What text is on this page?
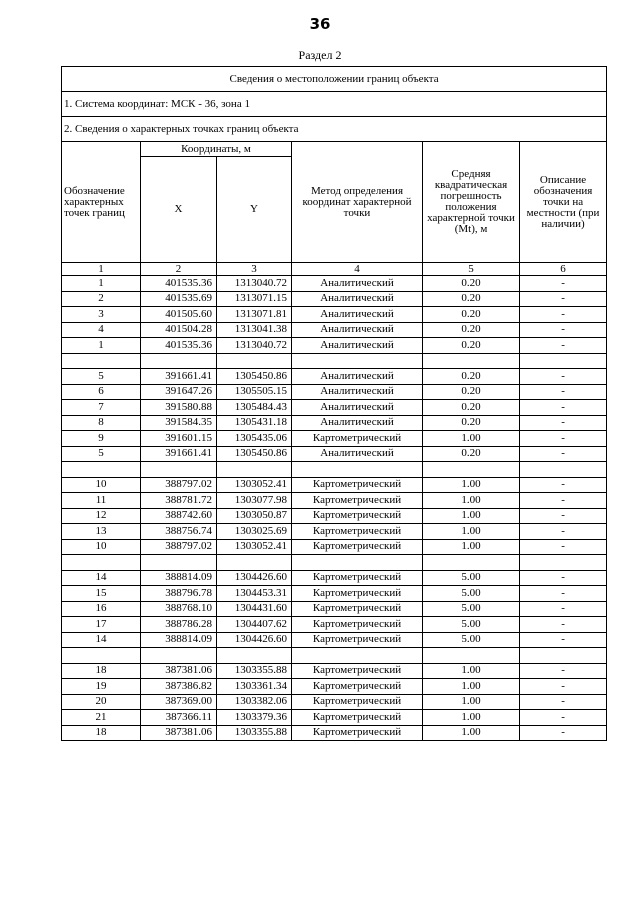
36
Раздел 2
Сведения о местоположении границ объекта					
1. Система координат: МСК - 36, зона 1					
2. Сведения о характерных точках границ объекта					
Обозначение характерных точек границ	Координаты, м		Метод определения координат характерной точки	Средняя квадратическая погрешность положения характерной точки (Mt), м	Описание обозначения точки на местности (при наличии)
	X	Y			
1	2	3	4	5	6
1	401535.36	1313040.72	Аналитический	0.20	-
2	401535.69	1313071.15	Аналитический	0.20	-
3	401505.60	1313071.81	Аналитический	0.20	-
4	401504.28	1313041.38	Аналитический	0.20	-
1	401535.36	1313040.72	Аналитический	0.20	-

5	391661.41	1305450.86	Аналитический	0.20	-
6	391647.26	1305505.15	Аналитический	0.20	-
7	391580.88	1305484.43	Аналитический	0.20	-
8	391584.35	1305431.18	Аналитический	0.20	-
9	391601.15	1305435.06	Картометрический	1.00	-
5	391661.41	1305450.86	Аналитический	0.20	-

10	388797.02	1303052.41	Картометрический	1.00	-
11	388781.72	1303077.98	Картометрический	1.00	-
12	388742.60	1303050.87	Картометрический	1.00	-
13	388756.74	1303025.69	Картометрический	1.00	-
10	388797.02	1303052.41	Картометрический	1.00	-

14	388814.09	1304426.60	Картометрический	5.00	-
15	388796.78	1304453.31	Картометрический	5.00	-
16	388768.10	1304431.60	Картометрический	5.00	-
17	388786.28	1304407.62	Картометрический	5.00	-
14	388814.09	1304426.60	Картометрический	5.00	-

18	387381.06	1303355.88	Картометрический	1.00	-
19	387386.82	1303361.34	Картометрический	1.00	-
20	387369.00	1303382.06	Картометрический	1.00	-
21	387366.11	1303379.36	Картометрический	1.00	-
18	387381.06	1303355.88	Картометрический	1.00	-
